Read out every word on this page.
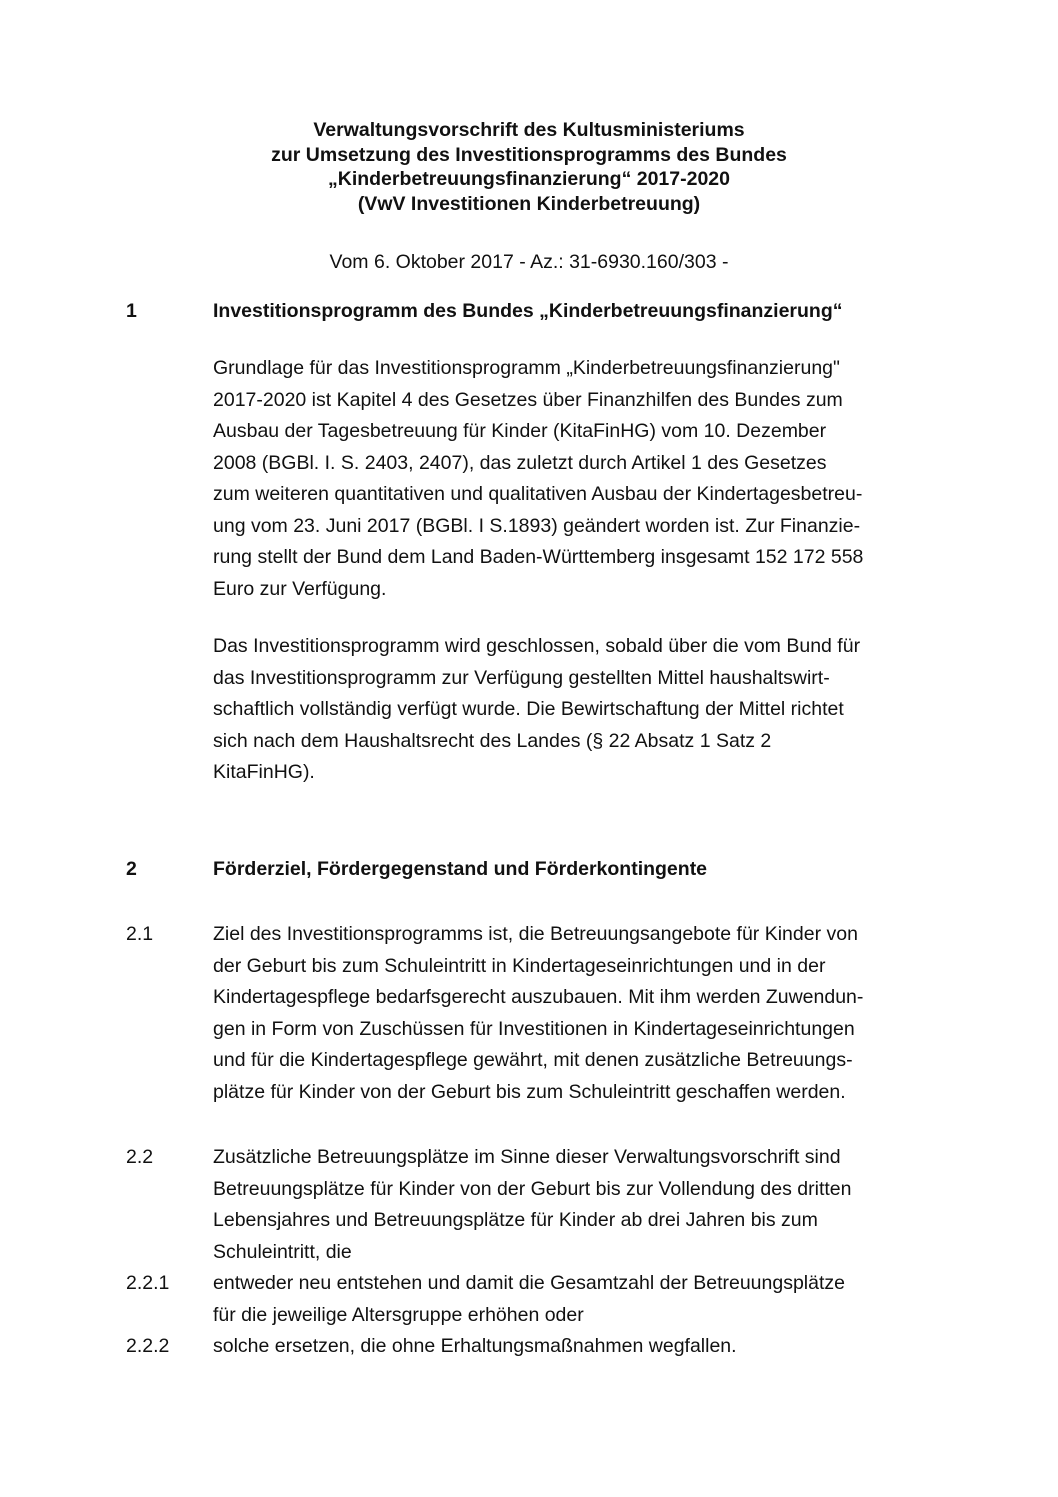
Verwaltungsvorschrift des Kultusministeriums
zur Umsetzung des Investitionsprogramms des Bundes
„Kinderbetreuungsfinanzierung“ 2017-2020
(VwV Investitionen Kinderbetreuung)
Vom 6. Oktober 2017 - Az.: 31-6930.160/303 -
1	Investitionsprogramm des Bundes „Kinderbetreuungsfinanzierung“
Grundlage für das Investitionsprogramm „Kinderbetreuungsfinanzierung"
2017-2020 ist Kapitel 4 des Gesetzes über Finanzhilfen des Bundes zum
Ausbau der Tagesbetreuung für Kinder (KitaFinHG) vom 10. Dezember
2008 (BGBl. I. S. 2403, 2407), das zuletzt durch Artikel 1 des Gesetzes
zum weiteren quantitativen und qualitativen Ausbau der Kindertagesbetreu-
ung vom 23. Juni 2017 (BGBl. I S.1893) geändert worden ist. Zur Finanzie-
rung stellt der Bund dem Land Baden-Württemberg insgesamt 152 172 558
Euro zur Verfügung.
Das Investitionsprogramm wird geschlossen, sobald über die vom Bund für
das Investitionsprogramm zur Verfügung gestellten Mittel haushaltswirt-
schaftlich vollständig verfügt wurde. Die Bewirtschaftung der Mittel richtet
sich nach dem Haushaltsrecht des Landes (§ 22 Absatz 1 Satz 2
KitaFinHG).
2	Förderziel, Fördergegenstand und Förderkontingente
2.1	Ziel des Investitionsprogramms ist, die Betreuungsangebote für Kinder von
der Geburt bis zum Schuleintritt in Kindertageseinrichtungen und in der
Kindertagespflege bedarfsgerecht auszubauen. Mit ihm werden Zuwendun-
gen in Form von Zuschüssen für Investitionen in Kindertageseinrichtungen
und für die Kindertagespflege gewährt, mit denen zusätzliche Betreuungs-
plätze für Kinder von der Geburt bis zum Schuleintritt geschaffen werden.
2.2	Zusätzliche Betreuungsplätze im Sinne dieser Verwaltungsvorschrift sind
Betreuungsplätze für Kinder von der Geburt bis zur Vollendung des dritten
Lebensjahres und Betreuungsplätze für Kinder ab drei Jahren bis zum
Schuleintritt, die
2.2.1 entweder neu entstehen und damit die Gesamtzahl der Betreuungsplätze
für die jeweilige Altersgruppe erhöhen oder
2.2.2 solche ersetzen, die ohne Erhaltungsmaßnahmen wegfallen.
